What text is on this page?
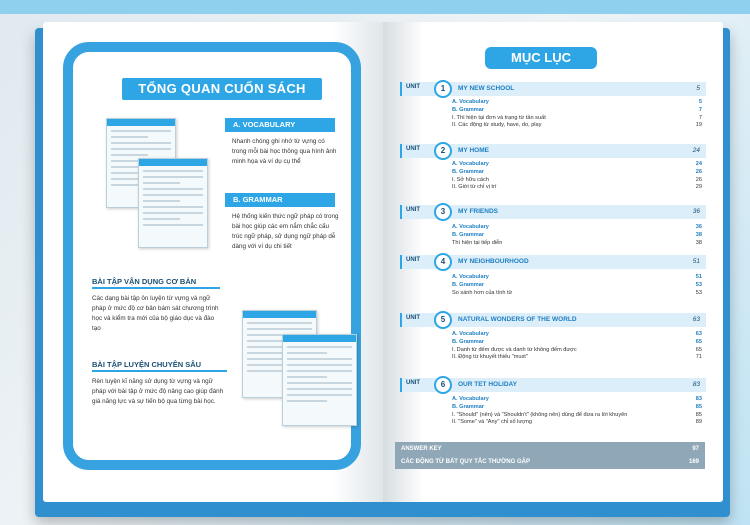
TỔNG QUAN CUỐN SÁCH
A. VOCABULARY
Nhanh chóng ghi nhớ từ vựng có trong mỗi bài học thông qua hình ảnh minh họa và ví dụ cụ thể
B. GRAMMAR
Hệ thống kiến thức ngữ pháp có trong bài học giúp các em nắm chắc cấu trúc ngữ pháp, sử dụng ngữ pháp dễ dàng với ví dụ chi tiết
BÀI TẬP VẬN DỤNG CƠ BẢN
Các dạng bài tập ôn luyện từ vựng và ngữ pháp ở mức độ cơ bản bám sát chương trình học và kiểm tra mới của bộ giáo dục và đào tạo
BÀI TẬP LUYỆN CHUYÊN SÂU
Rèn luyện kĩ năng sử dụng từ vựng và ngữ pháp với bài tập ở mức độ nâng cao giúp đánh giá năng lực và sự tiến bộ qua từng bài học.
MỤC LỤC
UNIT	1	MY NEW SCHOOL	5
A. Vocabulary	5
B. Grammar	7
I. Thì hiện tại đơn và trạng từ tần suất	7
II. Các động từ study, have, do, play	19
UNIT	2	MY HOME	24
A. Vocabulary	24
B. Grammar	26
I. Sở hữu cách	26
II. Giới từ chỉ vị trí	29
UNIT	3	MY FRIENDS	36
A. Vocabulary	36
B. Grammar	38
Thì hiện tại tiếp diễn	38
UNIT	4	MY NEIGHBOURHOOD	51
A. Vocabulary	51
B. Grammar	53
So sánh hơn của tính từ	53
UNIT	5	NATURAL WONDERS OF THE WORLD	63
A. Vocabulary	63
B. Grammar	65
I. Danh từ đếm được và danh từ không đếm được	65
II. Động từ khuyết thiếu "must"	71
UNIT	6	OUR TET HOLIDAY	83
A. Vocabulary	83
B. Grammar	85
I. "Should" (nên) và "Shouldn't" (không nên) dùng để đưa ra lời khuyên	85
II. "Some" và "Any" chỉ số lượng	89
ANSWER KEY	97
CÁC ĐỘNG TỪ BẤT QUY TẮC THƯỜNG GẶP	169
